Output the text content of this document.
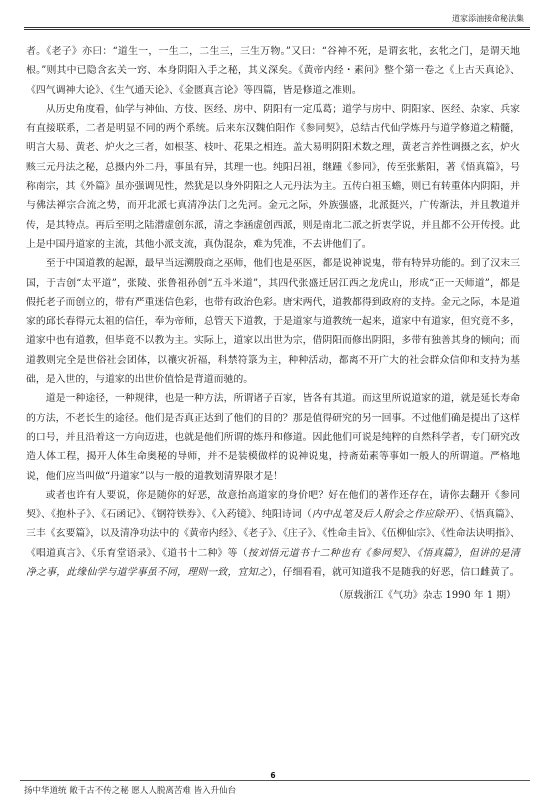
道家添油接命秘法集

者。《老子》亦曰：“道生一，一生二，二生三，三生万物。”又曰：“谷神不死，是谓玄牝，玄牝之门，是谓天地根。”则其中已隐含玄关一窍、本身阴阳入手之秘，其义深矣。《黄帝内经・素问》整个第一卷之《上古天真论》、《四气调神大论》、《生气通天论》、《金匮真言论》等四篇，皆是修道之准则。

从历史角度看，仙学与神仙、方伎、医经、房中、阴阳有一定瓜葛；道学与房中、阴阳家、医经、杂家、兵家有直接联系，二者是明显不同的两个系统。后来东汉魏伯阳作《参同契》，总结古代仙学炼丹与道学修道之精髓，明言大易、黄老、炉火之三者，如根茎、枝叶、花果之相连。盖大易明阴阳术数之理，黄老言养性调摄之玄，炉火赅三元丹法之秘，总摄内外二丹，事虽有异，其理一也。纯阳吕祖，继踵《参同》，传至张紫阳，著《悟真篇》，号称南宗，其《外篇》虽亦强调见性，然犹是以身外阴阳之人元丹法为主。五传白祖玉蟾，则已有转重体内阴阳，并与佛法禅宗合流之势，而开北派七真清净法门之先河。金元之际，外族强盛，北派挺兴，广传渐法，并且教道并传，是其特点。再后至明之陆潜虚创东派，清之李涵虚创西派，则是南北二派之折衷学说，并且都不公开传授。此上是中国丹道家的主流，其他小派支流，真伪混杂，难为凭准，不去讲他们了。

至于中国道教的起源，最早当远溯殷商之巫师，他们也是巫医，都是说神说鬼，带有特异功能的。到了汉末三国，于吉创“太平道”，张陵、张鲁祖孙创“五斗米道”，其四代张盛迁居江西之龙虎山，形成“正一天师道”，都是假托老子而创立的，带有严重迷信色彩，也带有政治色彩。唐宋两代，道教都得到政府的支持。金元之际，本是道家的邱长春得元太祖的信任，奉为帝师，总管天下道教，于是道家与道教统一起来，道家中有道家，但究竟不多，道家中也有道教，但毕竟不以教为主。实际上，道家以出世为宗，借阴阳而修出阴阳，多带有独善其身的倾向；而道教则完全是世俗社会团体，以禳灾祈福，科禁符箓为主，种种活动，都离不开广大的社会群众信仰和支持为基础，是入世的，与道家的出世价值恰是背道而驰的。

道是一种途径，一种规律，也是一种方法，所谓诸子百家，皆各有其道。而这里所说道家的道，就是延长寿命的方法，不老长生的途径。他们是否真正达到了他们的目的？那是值得研究的另一回事。不过他们确是提出了这样的口号，并且沿着这一方向迈进，也就是他们所谓的炼丹和修道。因此他们可说是纯粹的自然科学者，专门研究改造人体工程，揭开人体生命奥秘的导师，并不是装模做样的说神说鬼，持斋茹素等事如一般人的所谓道。严格地说，他们应当叫做“丹道家”以与一般的道教划清界限才是！

或者也许有人要说，你是随你的好恶，故意抬高道家的身价吧？好在他们的著作还存在，请你去翻开《参同契》、《抱朴子》、《石函记》、《钢符铁券》、《入药镜》、纯阳诗词（内中乩笔及后人附会之作应除开）、《悟真篇》、三丰《玄要篇》，以及清净功法中的《黄帝内经》、《老子》、《庄子》、《性命圭旨》、《伍柳仙宗》、《性命法诀明指》、《唱道真言》、《乐育堂语录》、《道书十二种》等（按刘悟元道书十二种也有《参同契》、《悟真篇》，但讲的是清净之事，此缘仙学与道学事虽不同，理则一致，宜知之），仔细看看，就可知道我不是随我的好恶，信口雌黄了。

（原载浙江《气功》杂志 1990 年 1 期）

6
扬中华道统 敞千古不传之秘 愿人人脱离苦难 皆入升仙台
